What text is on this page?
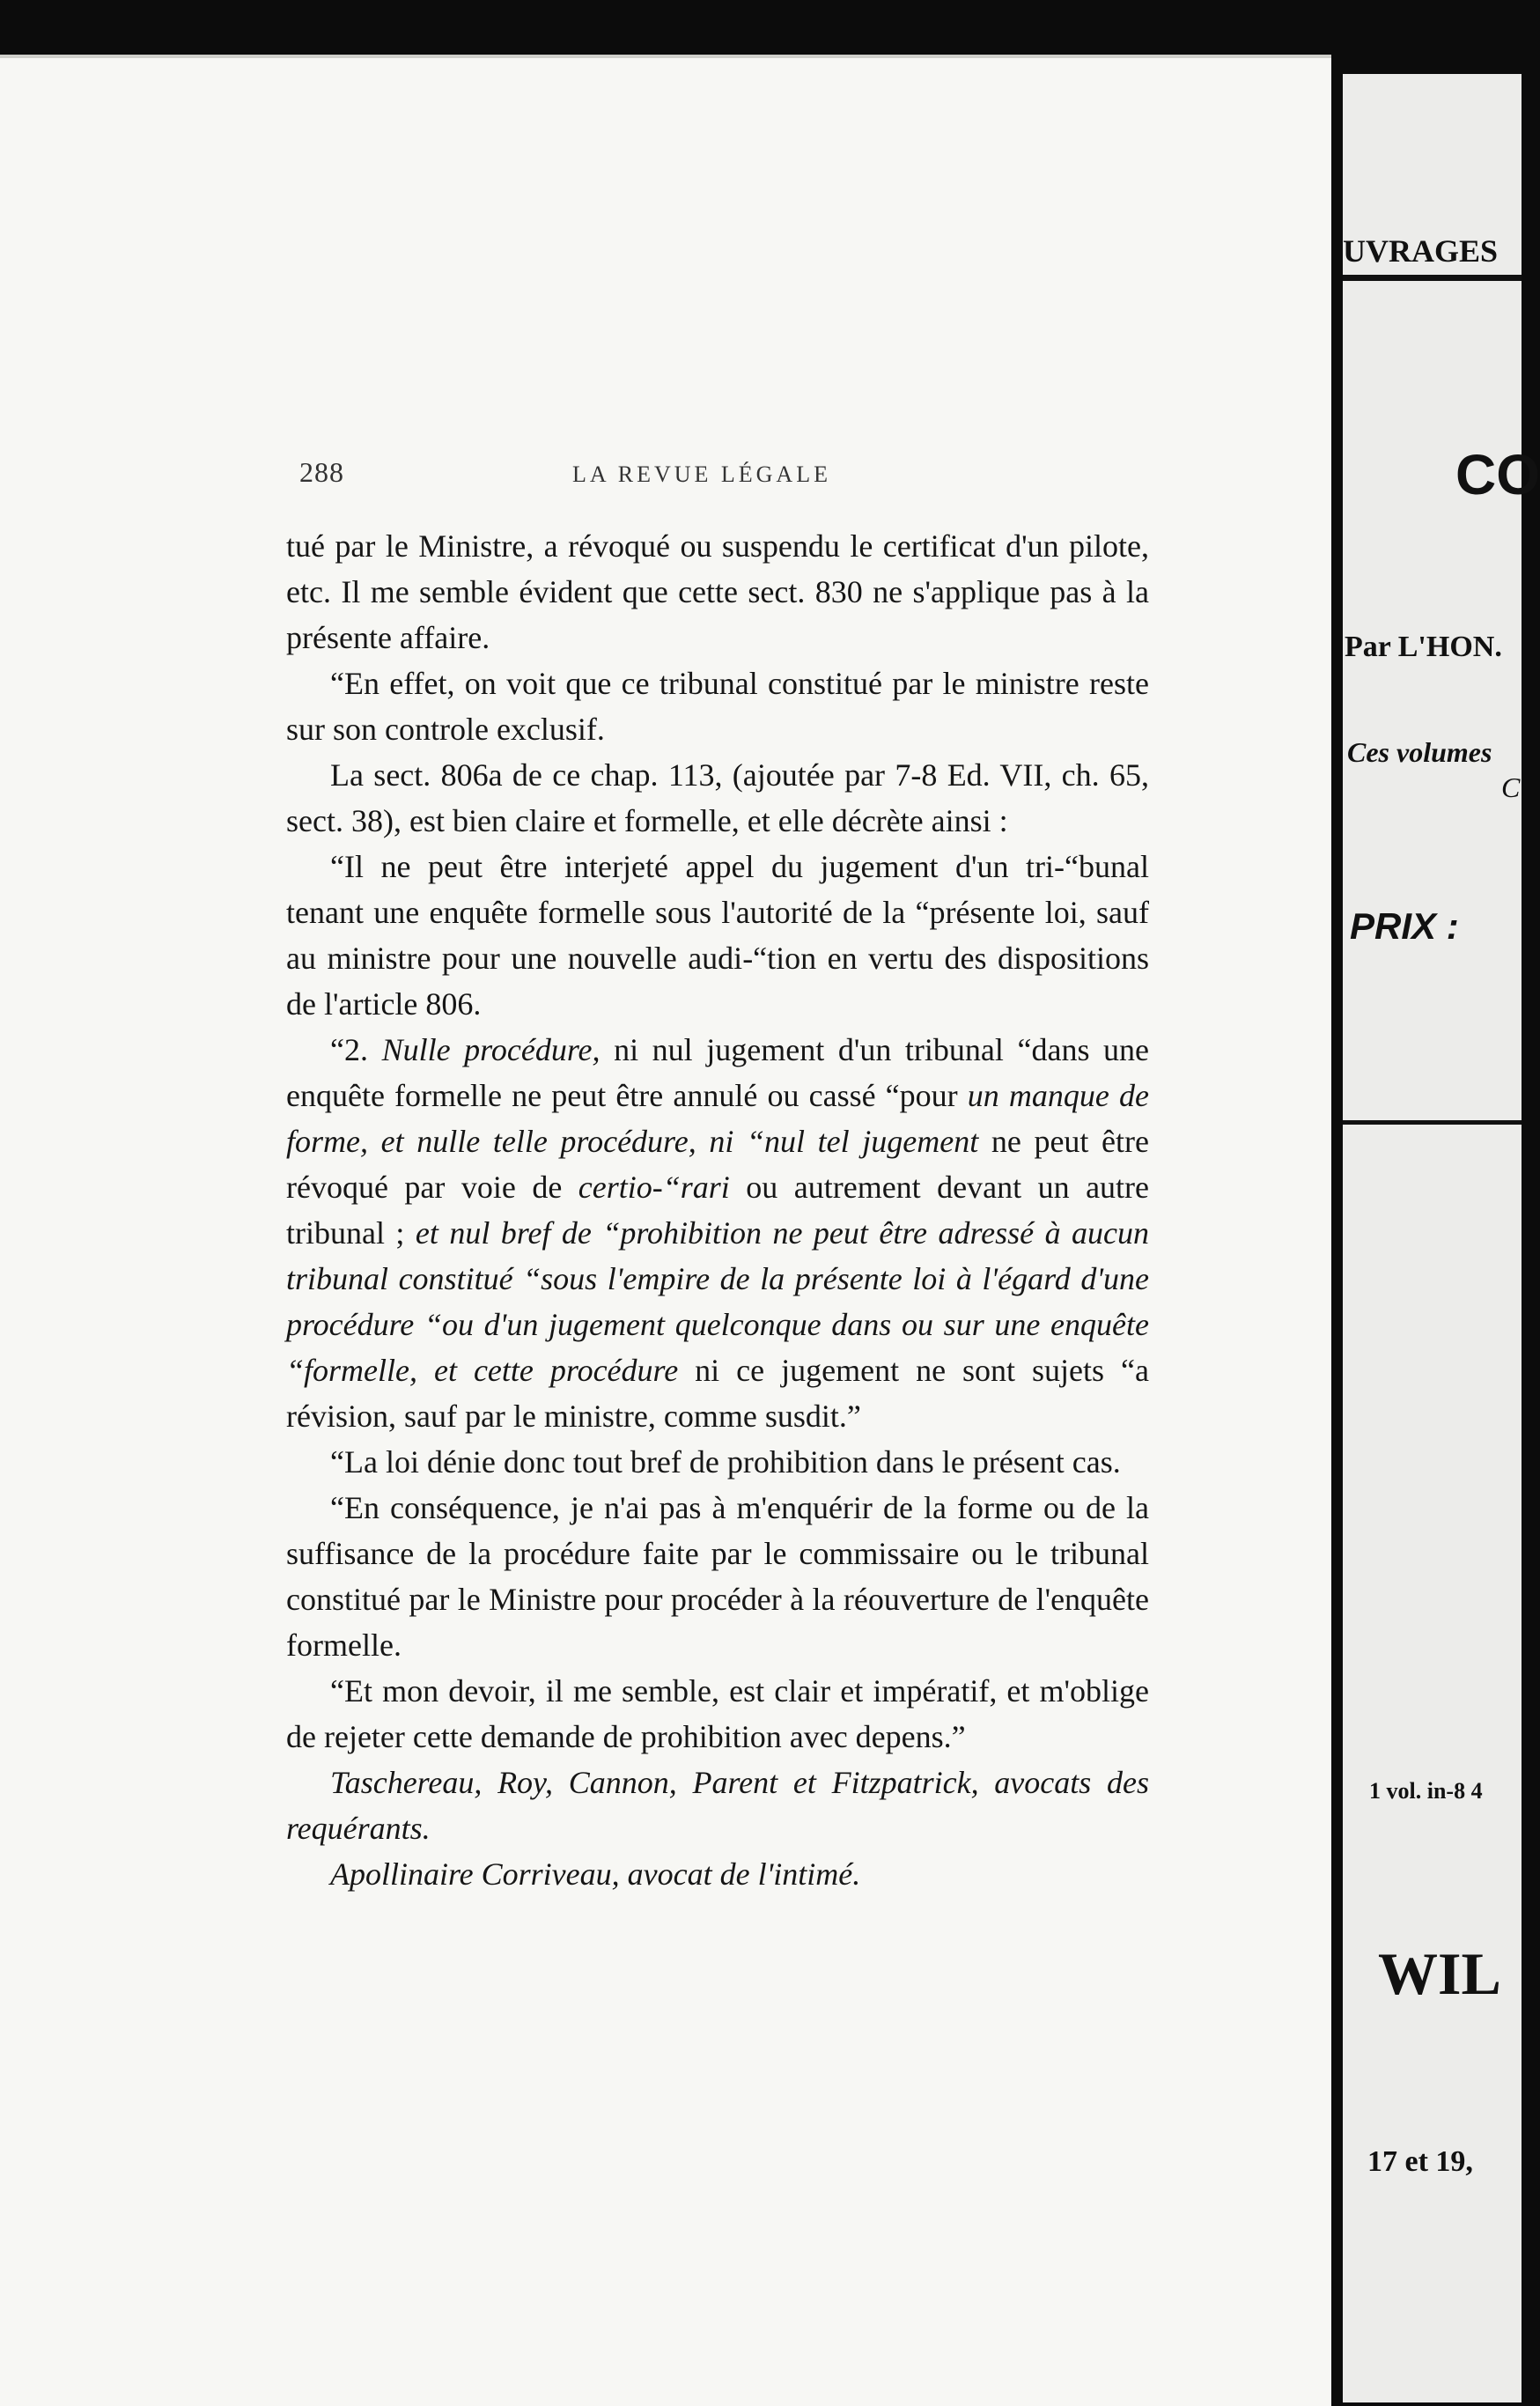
288	LA REVUE LÉGALE

tué par le Ministre, a révoqué ou suspendu le certificat d'un pilote, etc. Il me semble évident que cette sect. 830 ne s'applique pas à la présente affaire.

“En effet, on voit que ce tribunal constitué par le ministre reste sur son controle exclusif.

La sect. 806a de ce chap. 113, (ajoutée par 7-8 Ed. VII, ch. 65, sect. 38), est bien claire et formelle, et elle décrète ainsi :

“Il ne peut être interjeté appel du jugement d'un tri-“bunal tenant une enquête formelle sous l'autorité de la “présente loi, sauf au ministre pour une nouvelle audi-“tion en vertu des dispositions de l'article 806.

“2. Nulle procédure, ni nul jugement d'un tribunal “dans une enquête formelle ne peut être annulé ou cassé “pour un manque de forme, et nulle telle procédure, ni “nul tel jugement ne peut être révoqué par voie de certio-“rari ou autrement devant un autre tribunal ; et nul bref de “prohibition ne peut être adressé à aucun tribunal constitué “sous l'empire de la présente loi à l'égard d'une procédure “ou d'un jugement quelconque dans ou sur une enquête “formelle, et cette procédure ni ce jugement ne sont sujets “a révision, sauf par le ministre, comme susdit.”

“La loi dénie donc tout bref de prohibition dans le présent cas.

“En conséquence, je n'ai pas à m'enquérir de la forme ou de la suffisance de la procédure faite par le commissaire ou le tribunal constitué par le Ministre pour procéder à la réouverture de l'enquête formelle.

“Et mon devoir, il me semble, est clair et impératif, et m'oblige de rejeter cette demande de prohibition avec depens.”

Taschereau, Roy, Cannon, Parent et Fitzpatrick, avocats des requérants.

Apollinaire Corriveau, avocat de l'intimé.

UVRAGES
CO
Par L'HON.
Ces volumes
C
PRIX :
1 vol. in-8 4
WIL
17 et 19,
